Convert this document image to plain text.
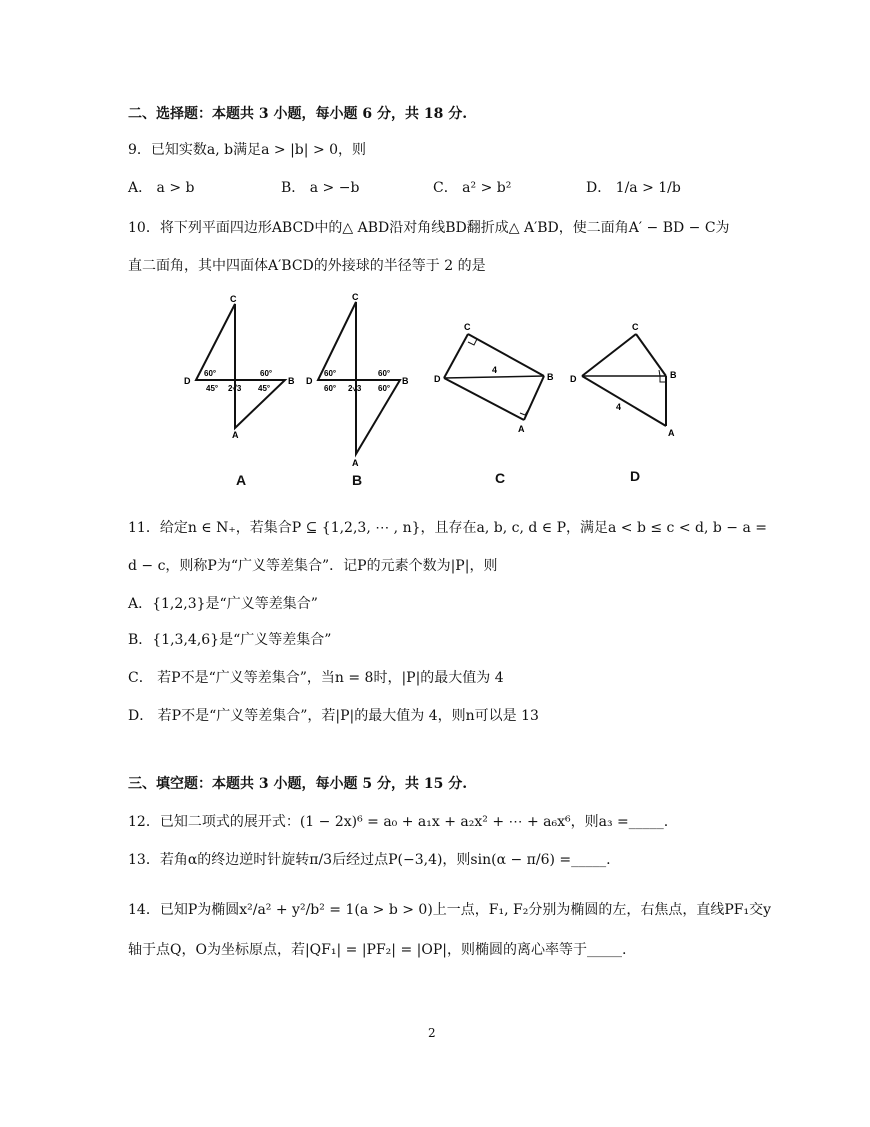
二、选择题：本题共 3 小题，每小题 6 分，共 18 分.
9．已知实数a, b满足a > |b| > 0，则
A． a > b	B． a > −b	C． a² > b²	D． 1/a > 1/b
10．将下列平面四边形ABCD中的△ ABD沿对角线BD翻折成△ A′BD，使二面角A′ − BD − C为
直二面角，其中四面体A′BCD的外接球的半径等于 2 的是
C
D	B
A
60°	60°
45°	45°
2√3
A
C
D	B
A
60°	60°
60°	60°
2√3
B
C
D	B
A
4
C
C
D	B
A
4
D
11．给定n ∈ N₊，若集合P ⊆ {1,2,3, ⋯ , n}，且存在a, b, c, d ∈ P，满足a < b ≤ c < d, b − a =
d − c，则称P为“广义等差集合”．记P的元素个数为|P|，则
A．{1,2,3}是“广义等差集合”
B．{1,3,4,6}是“广义等差集合”
C． 若P不是“广义等差集合”，当n = 8时，|P|的最大值为 4
D． 若P不是“广义等差集合”，若|P|的最大值为 4，则n可以是 13
三、填空题：本题共 3 小题，每小题 5 分，共 15 分.
12．已知二项式的展开式：(1 − 2x)⁶ = a₀ + a₁x + a₂x² + ⋯ + a₆x⁶，则a₃ =_____.
13．若角α的终边逆时针旋转π/3后经过点P(−3,4)，则sin(α − π/6) =_____.
14．已知P为椭圆x²/a² + y²/b² = 1(a > b > 0)上一点，F₁, F₂分别为椭圆的左，右焦点，直线PF₁交y
轴于点Q，O为坐标原点，若|QF₁| = |PF₂| = |OP|，则椭圆的离心率等于_____.
2
